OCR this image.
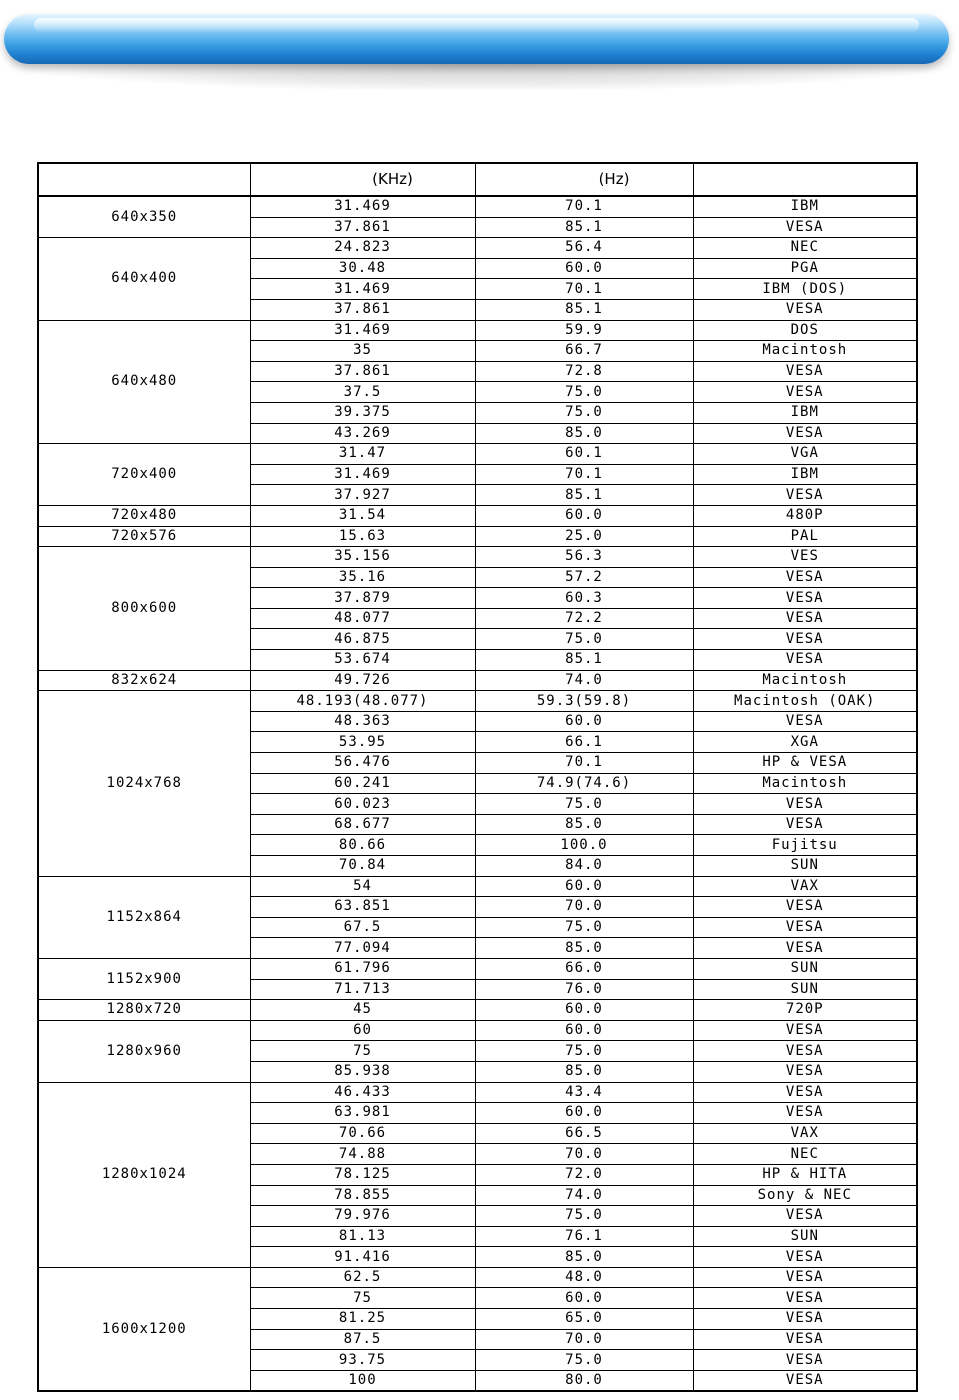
	(KHz)	(Hz)	
640x350	31.469	70.1	IBM
	37.861	85.1	VESA
640x400	24.823	56.4	NEC
	30.48	60.0	PGA
	31.469	70.1	IBM (DOS)
	37.861	85.1	VESA
640x480	31.469	59.9	DOS
	35	66.7	Macintosh
	37.861	72.8	VESA
	37.5	75.0	VESA
	39.375	75.0	IBM
	43.269	85.0	VESA
720x400	31.47	60.1	VGA
	31.469	70.1	IBM
	37.927	85.1	VESA
720x480	31.54	60.0	480P
720x576	15.63	25.0	PAL
800x600	35.156	56.3	VES
	35.16	57.2	VESA
	37.879	60.3	VESA
	48.077	72.2	VESA
	46.875	75.0	VESA
	53.674	85.1	VESA
832x624	49.726	74.0	Macintosh
1024x768	48.193(48.077)	59.3(59.8)	Macintosh (OAK)
	48.363	60.0	VESA
	53.95	66.1	XGA
	56.476	70.1	HP & VESA
	60.241	74.9(74.6)	Macintosh
	60.023	75.0	VESA
	68.677	85.0	VESA
	80.66	100.0	Fujitsu
	70.84	84.0	SUN
1152x864	54	60.0	VAX
	63.851	70.0	VESA
	67.5	75.0	VESA
	77.094	85.0	VESA
1152x900	61.796	66.0	SUN
	71.713	76.0	SUN
1280x720	45	60.0	720P
1280x960	60	60.0	VESA
	75	75.0	VESA
	85.938	85.0	VESA
1280x1024	46.433	43.4	VESA
	63.981	60.0	VESA
	70.66	66.5	VAX
	74.88	70.0	NEC
	78.125	72.0	HP & HITA
	78.855	74.0	Sony & NEC
	79.976	75.0	VESA
	81.13	76.1	SUN
	91.416	85.0	VESA
1600x1200	62.5	48.0	VESA
	75	60.0	VESA
	81.25	65.0	VESA
	87.5	70.0	VESA
	93.75	75.0	VESA
	100	80.0	VESA
